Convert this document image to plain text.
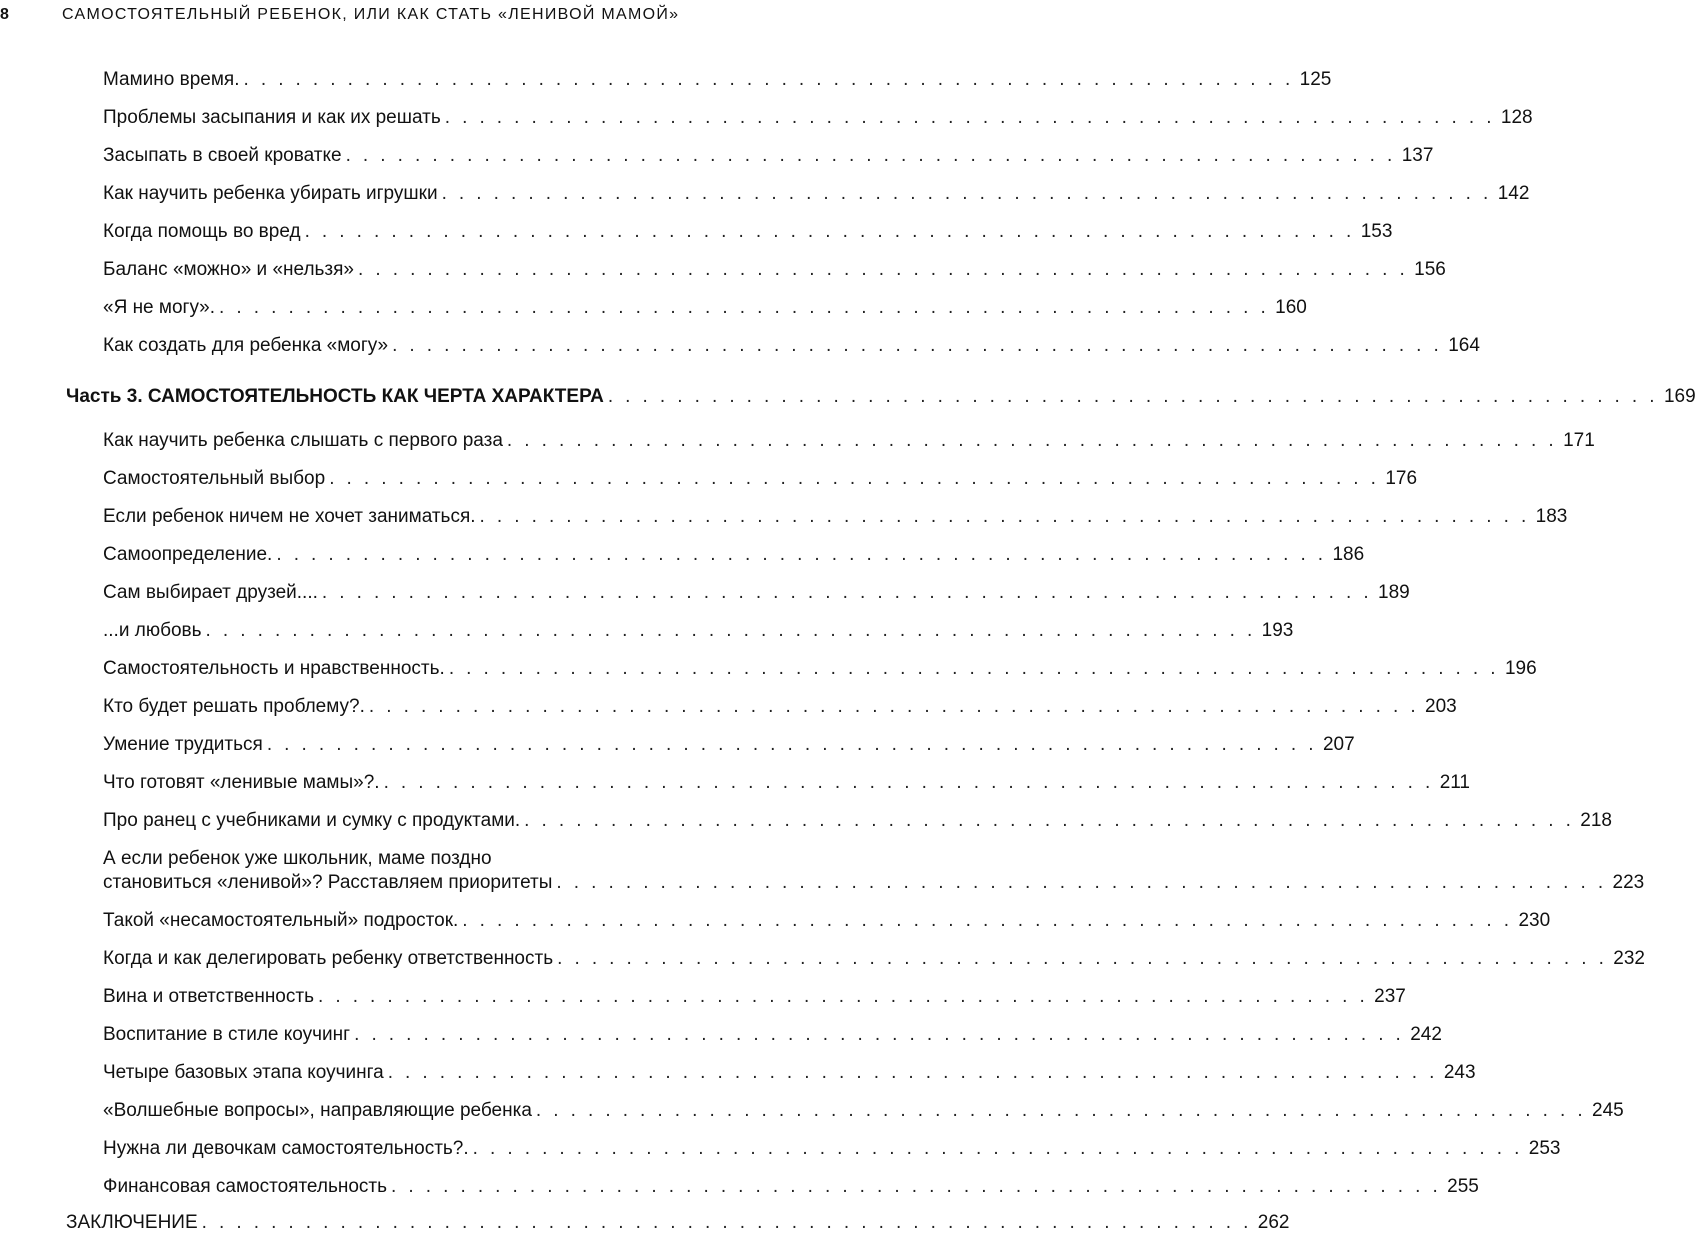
8	САМОСТОЯТЕЛЬНЫЙ РЕБЕНОК, ИЛИ КАК СТАТЬ «ЛЕНИВОЙ МАМОЙ»
Мамино время. . . . . . . . . . . . . . . . . . . . . . . . . . . . . . . . . . . . . . . . . . . . . . . . . . . . . . . . . . . . . . 125
Проблемы засыпания и как их решать . . . . . . . . . . . . . . . . . . . . . . . . . . . . . . . . . . . . . . . . . . . . . . . . . . . . . . . . . . . . . 128
Засыпать в своей кроватке . . . . . . . . . . . . . . . . . . . . . . . . . . . . . . . . . . . . . . . . . . . . . . . . . . . . . . . . . . . . . 137
Как научить ребенка убирать игрушки . . . . . . . . . . . . . . . . . . . . . . . . . . . . . . . . . . . . . . . . . . . . . . . . . . . . . . . . . . . . . 142
Когда помощь во вред . . . . . . . . . . . . . . . . . . . . . . . . . . . . . . . . . . . . . . . . . . . . . . . . . . . . . . . . . . . . . 153
Баланс «можно» и «нельзя» . . . . . . . . . . . . . . . . . . . . . . . . . . . . . . . . . . . . . . . . . . . . . . . . . . . . . . . . . . . . . 156
«Я не могу». . . . . . . . . . . . . . . . . . . . . . . . . . . . . . . . . . . . . . . . . . . . . . . . . . . . . . . . . . . . . . 160
Как создать для ребенка «могу» . . . . . . . . . . . . . . . . . . . . . . . . . . . . . . . . . . . . . . . . . . . . . . . . . . . . . . . . . . . . . 164
Часть 3. САМОСТОЯТЕЛЬНОСТЬ КАК ЧЕРТА ХАРАКТЕРА . . . . . . . . . . . . . . . . . . . . . . . . . . . . . . . . . . . . . . . . . . . . . . . . . . . . . . . . . . . . . 169
Как научить ребенка слышать с первого раза . . . . . . . . . . . . . . . . . . . . . . . . . . . . . . . . . . . . . . . . . . . . . . . . . . . . . . . . . . . . . 171
Самостоятельный выбор . . . . . . . . . . . . . . . . . . . . . . . . . . . . . . . . . . . . . . . . . . . . . . . . . . . . . . . . . . . . . 176
Если ребенок ничем не хочет заниматься. . . . . . . . . . . . . . . . . . . . . . . . . . . . . . . . . . . . . . . . . . . . . . . . . . . . . . . . . . . . . . 183
Самоопределение. . . . . . . . . . . . . . . . . . . . . . . . . . . . . . . . . . . . . . . . . . . . . . . . . . . . . . . . . . . . . . 186
Сам выбирает друзей.... . . . . . . . . . . . . . . . . . . . . . . . . . . . . . . . . . . . . . . . . . . . . . . . . . . . . . . . . . . . . . 189
...и любовь . . . . . . . . . . . . . . . . . . . . . . . . . . . . . . . . . . . . . . . . . . . . . . . . . . . . . . . . . . . . . 193
Самостоятельность и нравственность. . . . . . . . . . . . . . . . . . . . . . . . . . . . . . . . . . . . . . . . . . . . . . . . . . . . . . . . . . . . . . 196
Кто будет решать проблему?. . . . . . . . . . . . . . . . . . . . . . . . . . . . . . . . . . . . . . . . . . . . . . . . . . . . . . . . . . . . . . 203
Умение трудиться . . . . . . . . . . . . . . . . . . . . . . . . . . . . . . . . . . . . . . . . . . . . . . . . . . . . . . . . . . . . . 207
Что готовят «ленивые мамы»?. . . . . . . . . . . . . . . . . . . . . . . . . . . . . . . . . . . . . . . . . . . . . . . . . . . . . . . . . . . . . . 211
Про ранец с учебниками и сумку с продуктами. . . . . . . . . . . . . . . . . . . . . . . . . . . . . . . . . . . . . . . . . . . . . . . . . . . . . . . . . . . . . . 218
А если ребенок уже школьник, маме поздно
становиться «ленивой»? Расставляем приоритеты . . . . . . . . . . . . . . . . . . . . . . . . . . . . . . . . . . . . . . . . . . . . . . . . . . . . . . . . . . . . . 223
Такой «несамостоятельный» подросток. . . . . . . . . . . . . . . . . . . . . . . . . . . . . . . . . . . . . . . . . . . . . . . . . . . . . . . . . . . . . . 230
Когда и как делегировать ребенку ответственность . . . . . . . . . . . . . . . . . . . . . . . . . . . . . . . . . . . . . . . . . . . . . . . . . . . . . . . . . . . . . 232
Вина и ответственность . . . . . . . . . . . . . . . . . . . . . . . . . . . . . . . . . . . . . . . . . . . . . . . . . . . . . . . . . . . . . 237
Воспитание в стиле коучинг . . . . . . . . . . . . . . . . . . . . . . . . . . . . . . . . . . . . . . . . . . . . . . . . . . . . . . . . . . . . . 242
Четыре базовых этапа коучинга . . . . . . . . . . . . . . . . . . . . . . . . . . . . . . . . . . . . . . . . . . . . . . . . . . . . . . . . . . . . . 243
«Волшебные вопросы», направляющие ребенка . . . . . . . . . . . . . . . . . . . . . . . . . . . . . . . . . . . . . . . . . . . . . . . . . . . . . . . . . . . . . 245
Нужна ли девочкам самостоятельность?. . . . . . . . . . . . . . . . . . . . . . . . . . . . . . . . . . . . . . . . . . . . . . . . . . . . . . . . . . . . . . 253
Финансовая самостоятельность . . . . . . . . . . . . . . . . . . . . . . . . . . . . . . . . . . . . . . . . . . . . . . . . . . . . . . . . . . . . . 255
ЗАКЛЮЧЕНИЕ . . . . . . . . . . . . . . . . . . . . . . . . . . . . . . . . . . . . . . . . . . . . . . . . . . . . . . . . . . . . . 262
